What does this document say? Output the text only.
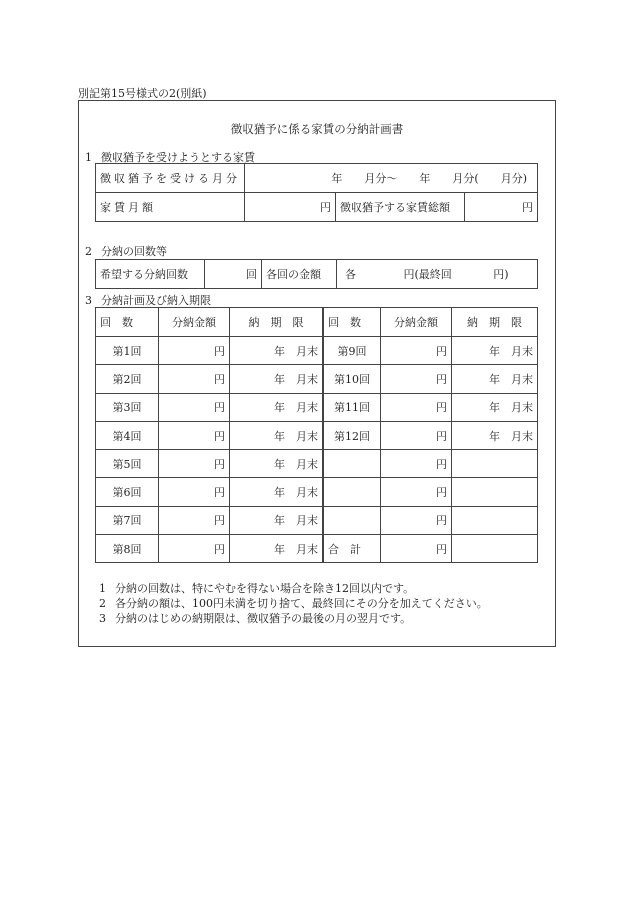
別記第15号様式の2(別紙)
徴収猶予に係る家賃の分納計画書
1 徴収猶予を受けようとする家賃
徴収猶予を受ける月分	年　　月分～　　年　　月分(　　月分)		
家賃月額	円	徴収猶予する家賃総額	円
2 分納の回数等
希望する分納回数	回	各回の金額	各	円(最終回	円)
3 分納計画及び納入期限
回　数	分納金額	納　期　限	回　数	分納金額	納　期　限
第1回	円	年　月末	第9回	円	年　月末
第2回	円	年　月末	第10回	円	年　月末
第3回	円	年　月末	第11回	円	年　月末
第4回	円	年　月末	第12回	円	年　月末
第5回	円	年　月末		円	
第6回	円	年　月末		円	
第7回	円	年　月末		円	
第8回	円	年　月末	合　計	円	
1 分納の回数は、特にやむを得ない場合を除き12回以内です。
2 各分納の額は、100円未満を切り捨て、最終回にその分を加えてください。
3 分納のはじめの納期限は、徴収猶予の最後の月の翌月です。
